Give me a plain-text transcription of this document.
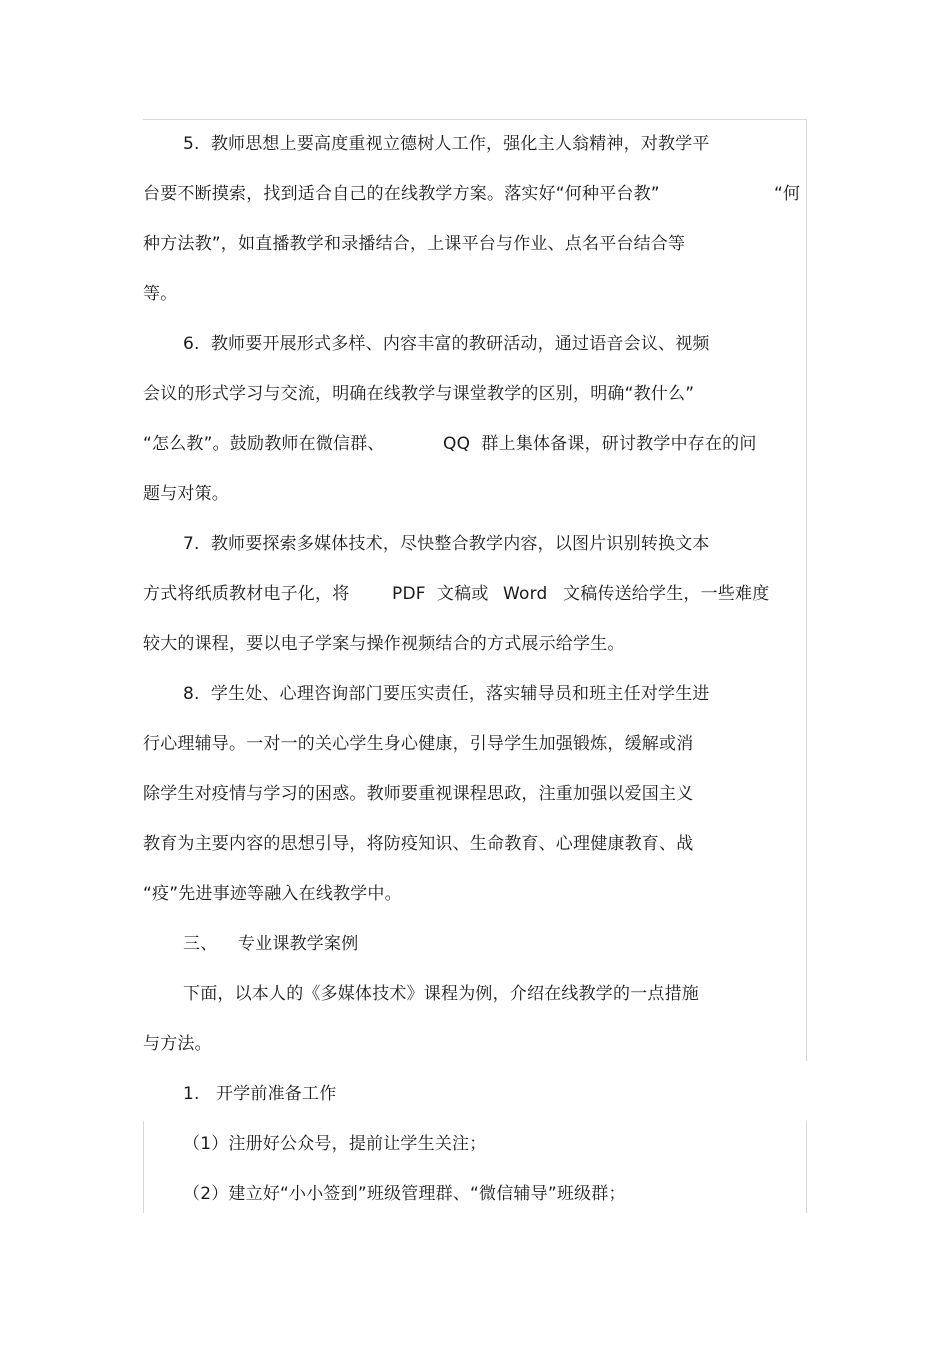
5.  教师思想上要高度重视立德树人工作，强化主人翁精神，对教学平
台要不断摸索，找到适合自己的在线教学方案。落实好“何种平台教”	“何
种方法教”，如直播教学和录播结合，上课平台与作业、点名平台结合等
等。
6.  教师要开展形式多样、内容丰富的教研活动，通过语音会议、视频
会议的形式学习与交流，明确在线教学与课堂教学的区别，明确“教什么”
“怎么教”。鼓励教师在微信群、	QQ  群上集体备课，研讨教学中存在的问
题与对策。
7.  教师要探索多媒体技术，尽快整合教学内容，以图片识别转换文本
方式将纸质教材电子化，将	PDF  文稿或 Word 文稿传送给学生，一些难度
较大的课程，要以电子学案与操作视频结合的方式展示给学生。
8.  学生处、心理咨询部门要压实责任，落实辅导员和班主任对学生进
行心理辅导。一对一的关心学生身心健康，引导学生加强锻炼，缓解或消
除学生对疫情与学习的困惑。教师要重视课程思政，注重加强以爱国主义
教育为主要内容的思想引导，将防疫知识、生命教育、心理健康教育、战
“疫”先进事迹等融入在线教学中。
三、 专业课教学案例
下面，以本人的《多媒体技术》课程为例，介绍在线教学的一点措施
与方法。
1. 开学前准备工作
（1）注册好公众号，提前让学生关注；
（2）建立好“小小签到”班级管理群、“微信辅导”班级群；
